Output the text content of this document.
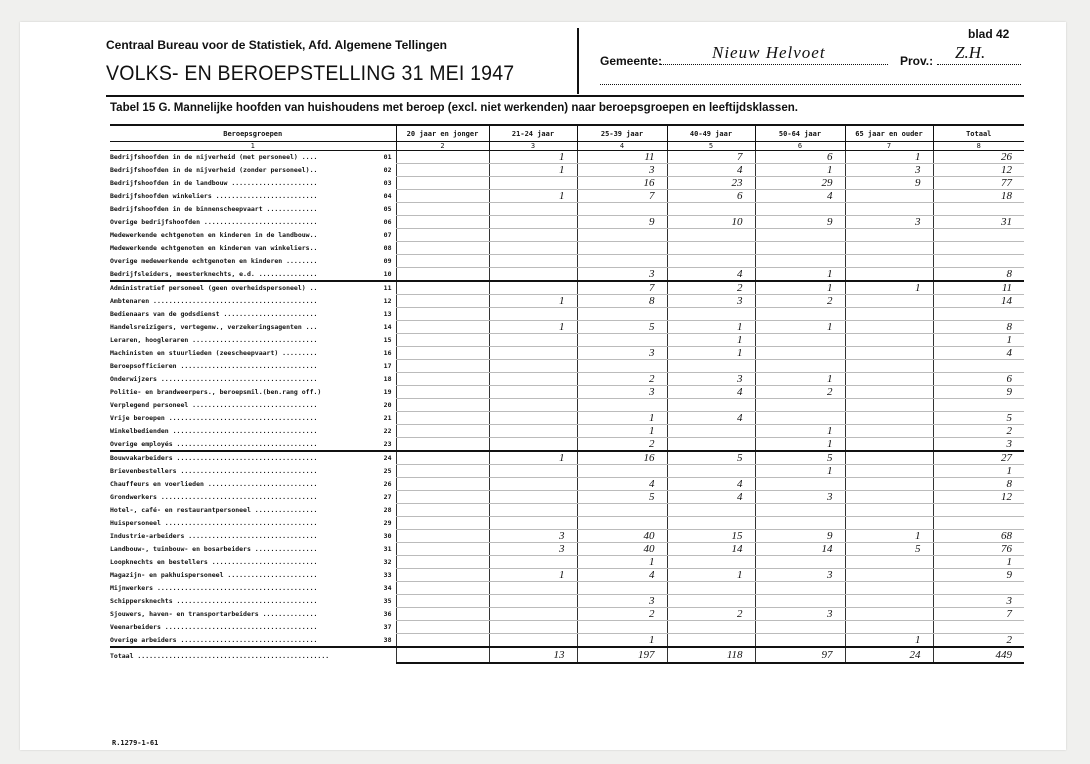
blad 42
Centraal Bureau voor de Statistiek, Afd. Algemene Tellingen
VOLKS- EN BEROEPSTELLING 31 MEI 1947
Gemeente:	Nieuw Helvoet	Prov.: Z.H.
Tabel 15 G. Mannelijke hoofden van huishoudens met beroep (excl. niet werkenden) naar beroepsgroepen en leeftijdsklassen.
Beroepsgroepen	20 jaar en jonger	21-24 jaar	25-39 jaar	40-49 jaar	50-64 jaar	65 jaar en ouder	Totaal
1	2	3	4	5	6	7	8

01
Bedrijfshoofden in de nijverheid (met personeel) ....		1	11	7	6	1	26

02
Bedrijfshoofden in de nijverheid (zonder personeel)..		1	3	4	1	3	12

03
Bedrijfshoofden in de landbouw ......................			16	23	29	9	77

04
Bedrijfshoofden winkeliers ..........................		1	7	6	4		18

05
Bedrijfshoofden in de binnenscheepvaart .............							

06
Overige bedrijfshoofden .............................			9	10	9	3	31

07
Medewerkende echtgenoten en kinderen in de landbouw..							

08
Medewerkende echtgenoten en kinderen van winkeliers..							

09
Overige medewerkende echtgenoten en kinderen ........							

10
Bedrijfsleiders, meesterknechts, e.d. ...............			3	4	1		8

11
Administratief personeel (geen overheidspersoneel) ..			7	2	1	1	11

12
Ambtenaren ..........................................		1	8	3	2		14

13
Bedienaars van de godsdienst ........................							

14
Handelsreizigers, vertegenw., verzekeringsagenten ...		1	5	1	1		8

15
Leraren, hoogleraren ................................				1			1

16
Machinisten en stuurlieden (zeescheepvaart) .........			3	1			4

17
Beroepsofficieren ...................................							

18
Onderwijzers ........................................			2	3	1		6

19
Politie- en brandweerpers., beroepsmil.(ben.rang off.)			3	4	2		9

20
Verplegend personeel ................................							

21
Vrije beroepen ......................................			1	4			5

22
Winkelbedienden .....................................			1		1		2

23
Overige employés ....................................			2		1		3

24
Bouwvakarbeiders ....................................		1	16	5	5		27

25
Brievenbestellers ...................................					1		1

26
Chauffeurs en voerlieden ............................			4	4			8

27
Grondwerkers ........................................			5	4	3		12

28
Hotel-, café- en restaurantpersoneel ................							

29
Huispersoneel .......................................							

30
Industrie-arbeiders .................................		3	40	15	9	1	68

31
Landbouw-, tuinbouw- en bosarbeiders ................		3	40	14	14	5	76

32
Loopknechts en bestellers ...........................			1				1

33
Magazijn- en pakhuispersoneel .......................		1	4	1	3		9

34
Mijnwerkers .........................................							

35
Schippersknechts ....................................			3				3

36
Sjouwers, haven- en transportarbeiders ..............			2	2	3		7

37
Veenarbeiders .......................................							

38
Overige arbeiders ...................................			1			1	2

Totaal .................................................		13	197	118	97	24	449
R.1279-1-61
